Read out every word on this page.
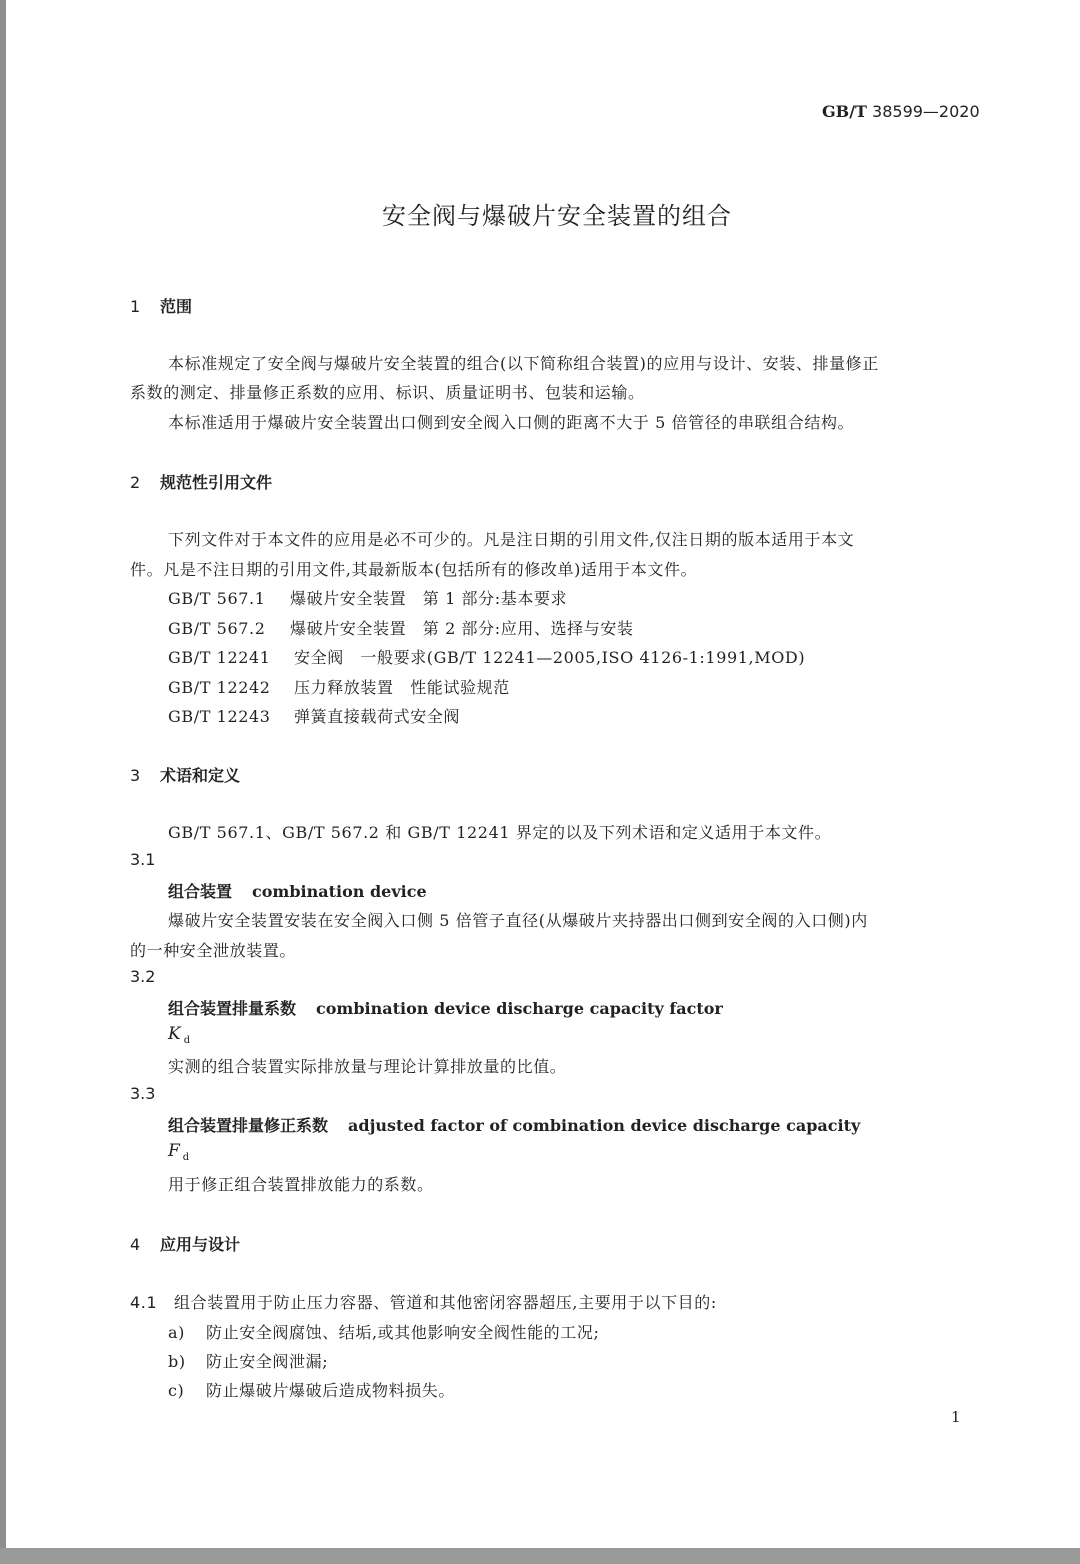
GB/T 38599—2020
安全阀与爆破片安全装置的组合
1 范围
本标准规定了安全阀与爆破片安全装置的组合(以下简称组合装置)的应用与设计、安装、排量修正
系数的测定、排量修正系数的应用、标识、质量证明书、包装和运输。
本标准适用于爆破片安全装置出口侧到安全阀入口侧的距离不大于 5 倍管径的串联组合结构。
2 规范性引用文件
下列文件对于本文件的应用是必不可少的。凡是注日期的引用文件,仅注日期的版本适用于本文
件。凡是不注日期的引用文件,其最新版本(包括所有的修改单)适用于本文件。
GB/T 567.1 爆破片安全装置　第 1 部分:基本要求
GB/T 567.2 爆破片安全装置　第 2 部分:应用、选择与安装
GB/T 12241 安全阀　一般要求(GB/T 12241—2005,ISO 4126-1:1991,MOD)
GB/T 12242 压力释放装置　性能试验规范
GB/T 12243 弹簧直接载荷式安全阀
3 术语和定义
GB/T 567.1、GB/T 567.2 和 GB/T 12241 界定的以及下列术语和定义适用于本文件。
3.1
组合装置 combination device
爆破片安全装置安装在安全阀入口侧 5 倍管子直径(从爆破片夹持器出口侧到安全阀的入口侧)内
的一种安全泄放装置。
3.2
组合装置排量系数 combination device discharge capacity factor
K $_d$
实测的组合装置实际排放量与理论计算排放量的比值。
3.3
组合装置排量修正系数 adjusted factor of combination device discharge capacity
F $_d$
用于修正组合装置排放能力的系数。
4 应用与设计
4.1 组合装置用于防止压力容器、管道和其他密闭容器超压,主要用于以下目的:
a) 防止安全阀腐蚀、结垢,或其他影响安全阀性能的工况;
b) 防止安全阀泄漏;
c) 防止爆破片爆破后造成物料损失。
1
